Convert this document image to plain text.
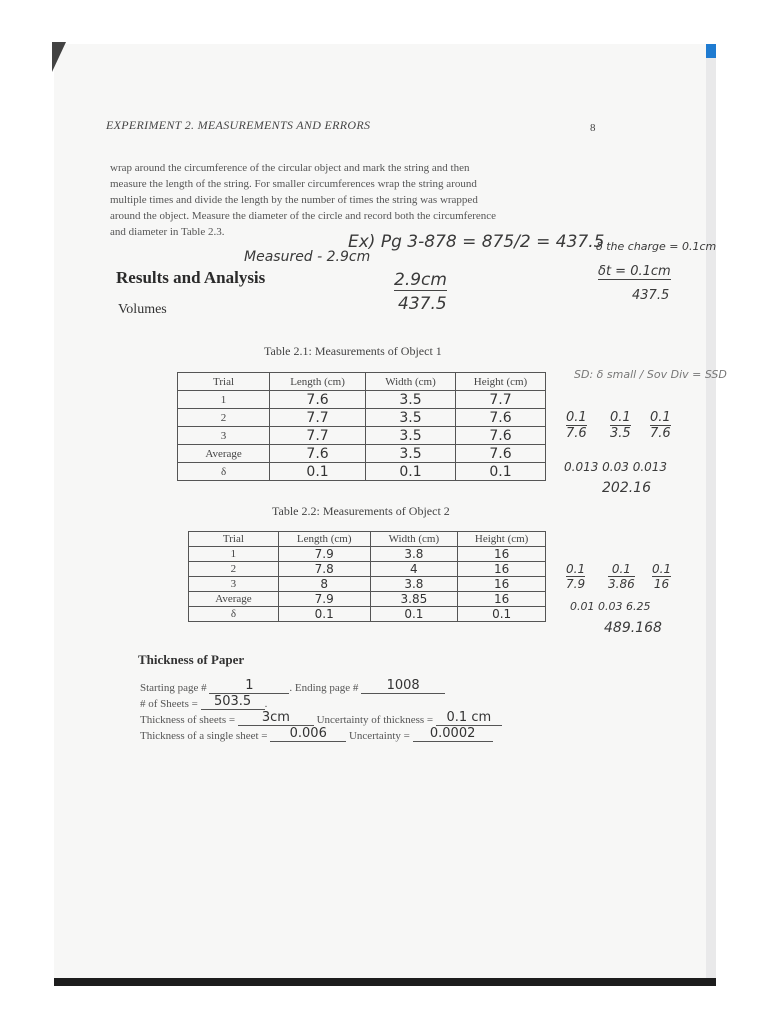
EXPERIMENT 2. MEASUREMENTS AND ERRORS	8
wrap around the circumference of the circular object and mark the string and then
measure the length of the string. For smaller circumferences wrap the string around
multiple times and divide the length by the number of times the string was wrapped
around the object. Measure the diameter of the circle and record both the circumference
and diameter in Table 2.3.	Ex) Pg 3-878 = 875/2 = 437.5
Measured - 2.9cm
δ the charge = 0.1cm
δt = 0.1cm
437.5
2.9cm
437.5
Results and Analysis
Volumes
Table 2.1: Measurements of Object 1
Trial	Length (cm)	Width (cm)	Height (cm)
1	7.6	3.5	7.7
2	7.7	3.5	7.6
3	7.7	3.5	7.6
Average	7.6	3.5	7.6
δ	0.1	0.1	0.1
SD: δ small / Sov Div = SSD
$\frac{0.1}{7.6} \frac{0.1}{3.5} \frac{0.1}{7.6}$
0.013 0.03 0.013
202.16
Table 2.2: Measurements of Object 2
Trial	Length (cm)	Width (cm)	Height (cm)
1	7.9	3.8	16
2	7.8	4	16
3	8	3.8	16
Average	7.9	3.85	16
δ	0.1	0.1	0.1
$\frac{0.1}{7.9} \frac{0.1}{3.86} \frac{0.1}{16}$
0.01 0.03 6.25
489.168
Thickness of Paper
Starting page #	1	. Ending page # 1008
# of Sheets = 503.5 .
Thickness of sheets = 3cm Uncertainty of thickness = 0.1 cm
Thickness of a single sheet = 0.006 Uncertainty = 0.0002
